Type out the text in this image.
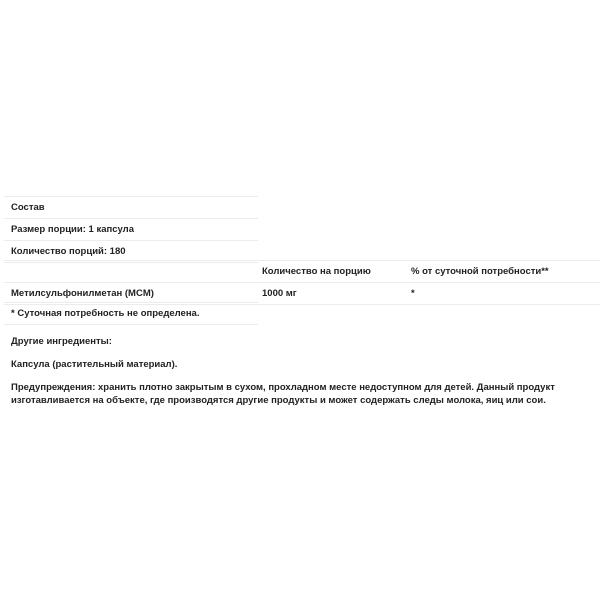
Состав
Размер порции: 1 капсула
Количество порций: 180
	Количество на порцию	% от суточной потребности**
Метилсульфонилметан (MCM)	1000 мг	*
* Суточная потребность не определена.
Другие ингредиенты:
Капсула (растительный материал).
Предупреждения: хранить плотно закрытым в сухом, прохладном месте недоступном для детей. Данный продукт изготавливается на объекте, где производятся другие продукты и может содержать следы молока, яиц или сои.
